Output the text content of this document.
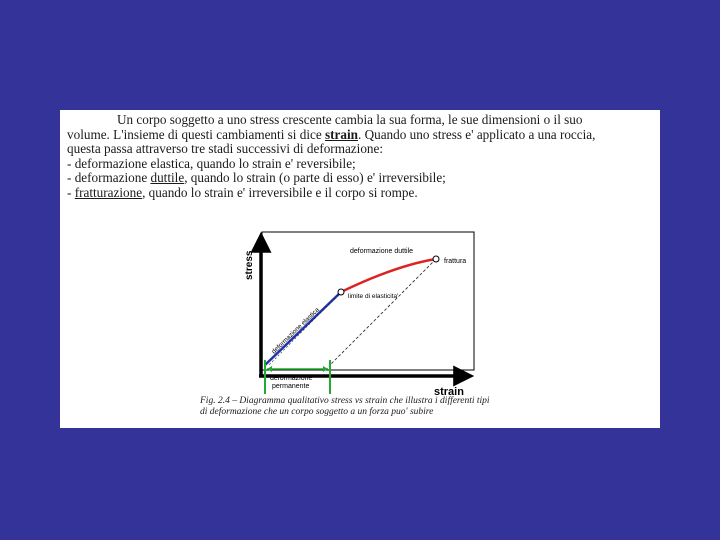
Un corpo soggetto a uno stress crescente cambia la sua forma, le sue dimensioni o il suo

volume. L'insieme di questi cambiamenti si dice strain. Quando uno stress e' applicato a una roccia,

questa passa attraverso tre stadi successivi di deformazione:

- deformazione elastica, quando lo strain e' reversibile;

- deformazione duttile, quando lo strain (o parte di esso) e' irreversibile;

- fratturazione, quando lo strain e' irreversibile e il corpo si rompe.

stress
strain
deformazione duttile
frattura
limite di elasticita'
deformazione elastica
deformazione
permanente
Fig. 2.4 – Diagramma qualitativo stress vs strain che illustra i differenti tipi
di deformazione che un corpo soggetto a un forza puo' subire
